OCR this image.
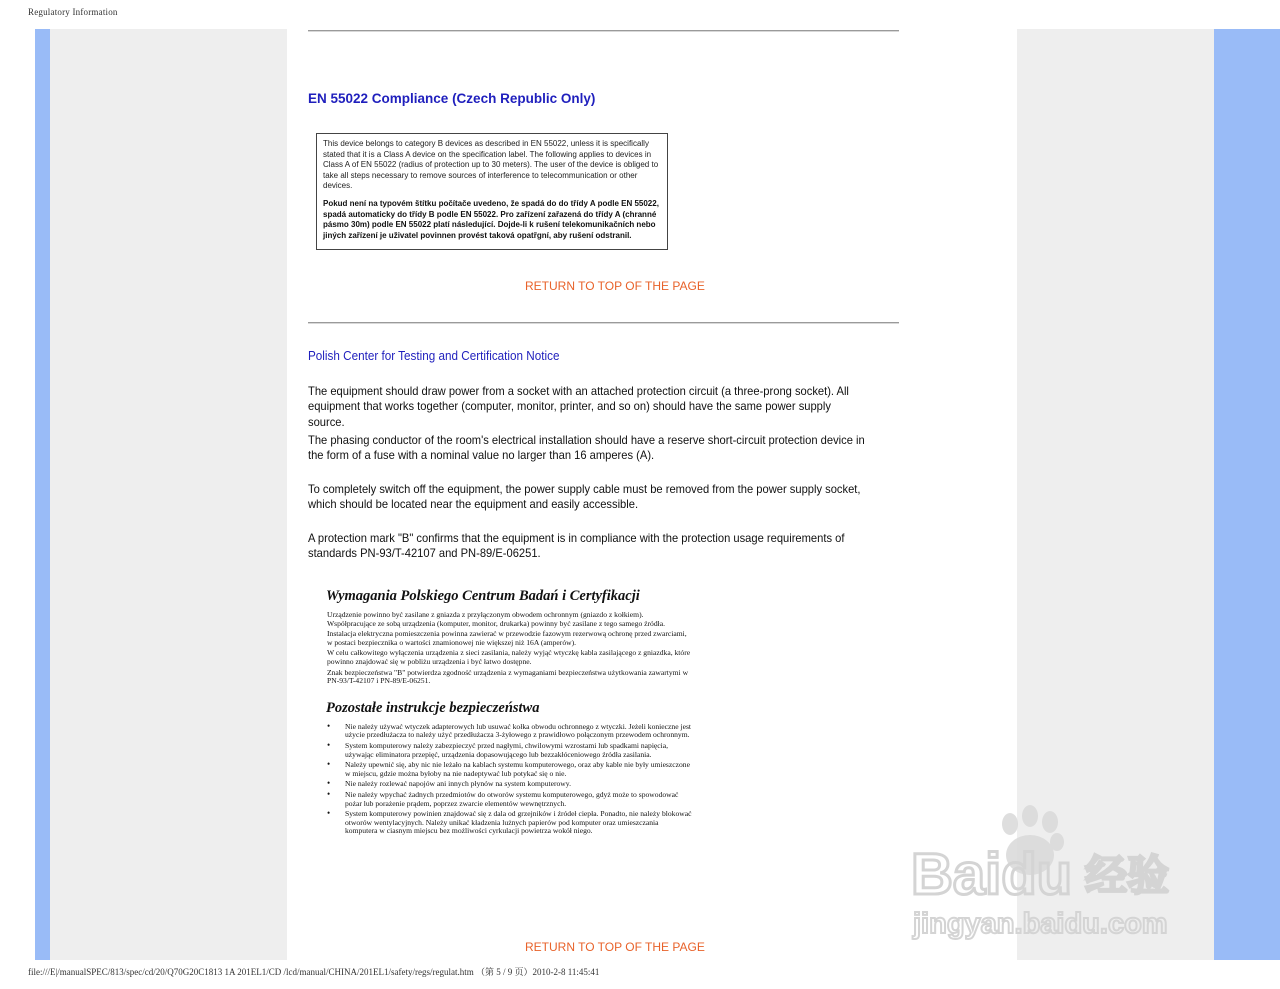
Regulatory Information
EN 55022 Compliance (Czech Republic Only)

This device belongs to category B devices as described in EN 55022, unless it is specifically stated that it is a Class A device on the specification label. The following applies to devices in Class A of EN 55022 (radius of protection up to 30 meters). The user of the device is obliged to take all steps necessary to remove sources of interference to telecommunication or other devices.

Pokud není na typovém štítku počítače uvedeno, že spadá do do třídy A podle EN 55022, spadá automaticky do třídy B podle EN 55022. Pro zařízení zařazená do třídy A (chranné pásmo 30m) podle EN 55022 platí následující. Dojde-li k rušení telekomunikačních nebo jiných zařízení je uživatel povinnen provést taková opatřgní, aby rušení odstranil.

RETURN TO TOP OF THE PAGE
Polish Center for Testing and Certification Notice
The equipment should draw power from a socket with an attached protection circuit (a three-prong socket). All equipment that works together (computer, monitor, printer, and so on) should have the same power supply source.
The phasing conductor of the room's electrical installation should have a reserve short-circuit protection device in the form of a fuse with a nominal value no larger than 16 amperes (A).
To completely switch off the equipment, the power supply cable must be removed from the power supply socket, which should be located near the equipment and easily accessible.
A protection mark "B" confirms that the equipment is in compliance with the protection usage requirements of standards PN-93/T-42107 and PN-89/E-06251.
Wymagania Polskiego Centrum Badań i Certyfikacji

Urządzenie powinno być zasilane z gniazda z przyłączonym obwodem ochronnym (gniazdo z kołkiem). Współpracujące ze sobą urządzenia (komputer, monitor, drukarka) powinny być zasilane z tego samego źródła.

Instalacja elektryczna pomieszczenia powinna zawierać w przewodzie fazowym rezerwową ochronę przed zwarciami, w postaci bezpiecznika o wartości znamionowej nie większej niż 16A (amperów).

W celu całkowitego wyłączenia urządzenia z sieci zasilania, należy wyjąć wtyczkę kabla zasilającego z gniazdka, które powinno znajdować się w pobliżu urządzenia i być łatwo dostępne.

Znak bezpieczeństwa "B" potwierdza zgodność urządzenia z wymaganiami bezpieczeństwa użytkowania zawartymi w PN-93/T-42107 i PN-89/E-06251.

Pozostałe instrukcje bezpieczeństwa
• Nie należy używać wtyczek adapterowych lub usuwać kołka obwodu ochronnego z wtyczki. Jeżeli konieczne jest użycie przedłużacza to należy użyć przedłużacza 3-żyłowego z prawidłowo połączonym przewodem ochronnym.
• System komputerowy należy zabezpieczyć przed nagłymi, chwilowymi wzrostami lub spadkami napięcia, używając eliminatora przepięć, urządzenia dopasowującego lub bezzakłóceniowego źródła zasilania.
• Należy upewnić się, aby nic nie leżało na kablach systemu komputerowego, oraz aby kable nie były umieszczone w miejscu, gdzie można byłoby na nie nadeptywać lub potykać się o nie.
• Nie należy rozlewać napojów ani innych płynów na system komputerowy.
• Nie należy wpychać żadnych przedmiotów do otworów systemu komputerowego, gdyż może to spowodować pożar lub porażenie prądem, poprzez zwarcie elementów wewnętrznych.
• System komputerowy powinien znajdować się z dala od grzejników i źródeł ciepła. Ponadto, nie należy blokować otworów wentylacyjnych. Należy unikać kładzenia lużnych papierów pod komputer oraz umieszczania komputera w ciasnym miejscu bez możliwości cyrkulacji powietrza wokół niego.
RETURN TO TOP OF THE PAGE
Baidu 经验
jingyan.baidu.com
file:///E|/manualSPEC/813/spec/cd/20/Q70G20C1813 1A 201EL1/CD /lcd/manual/CHINA/201EL1/safety/regs/regulat.htm （第 5 / 9 页）2010-2-8 11:45:41
